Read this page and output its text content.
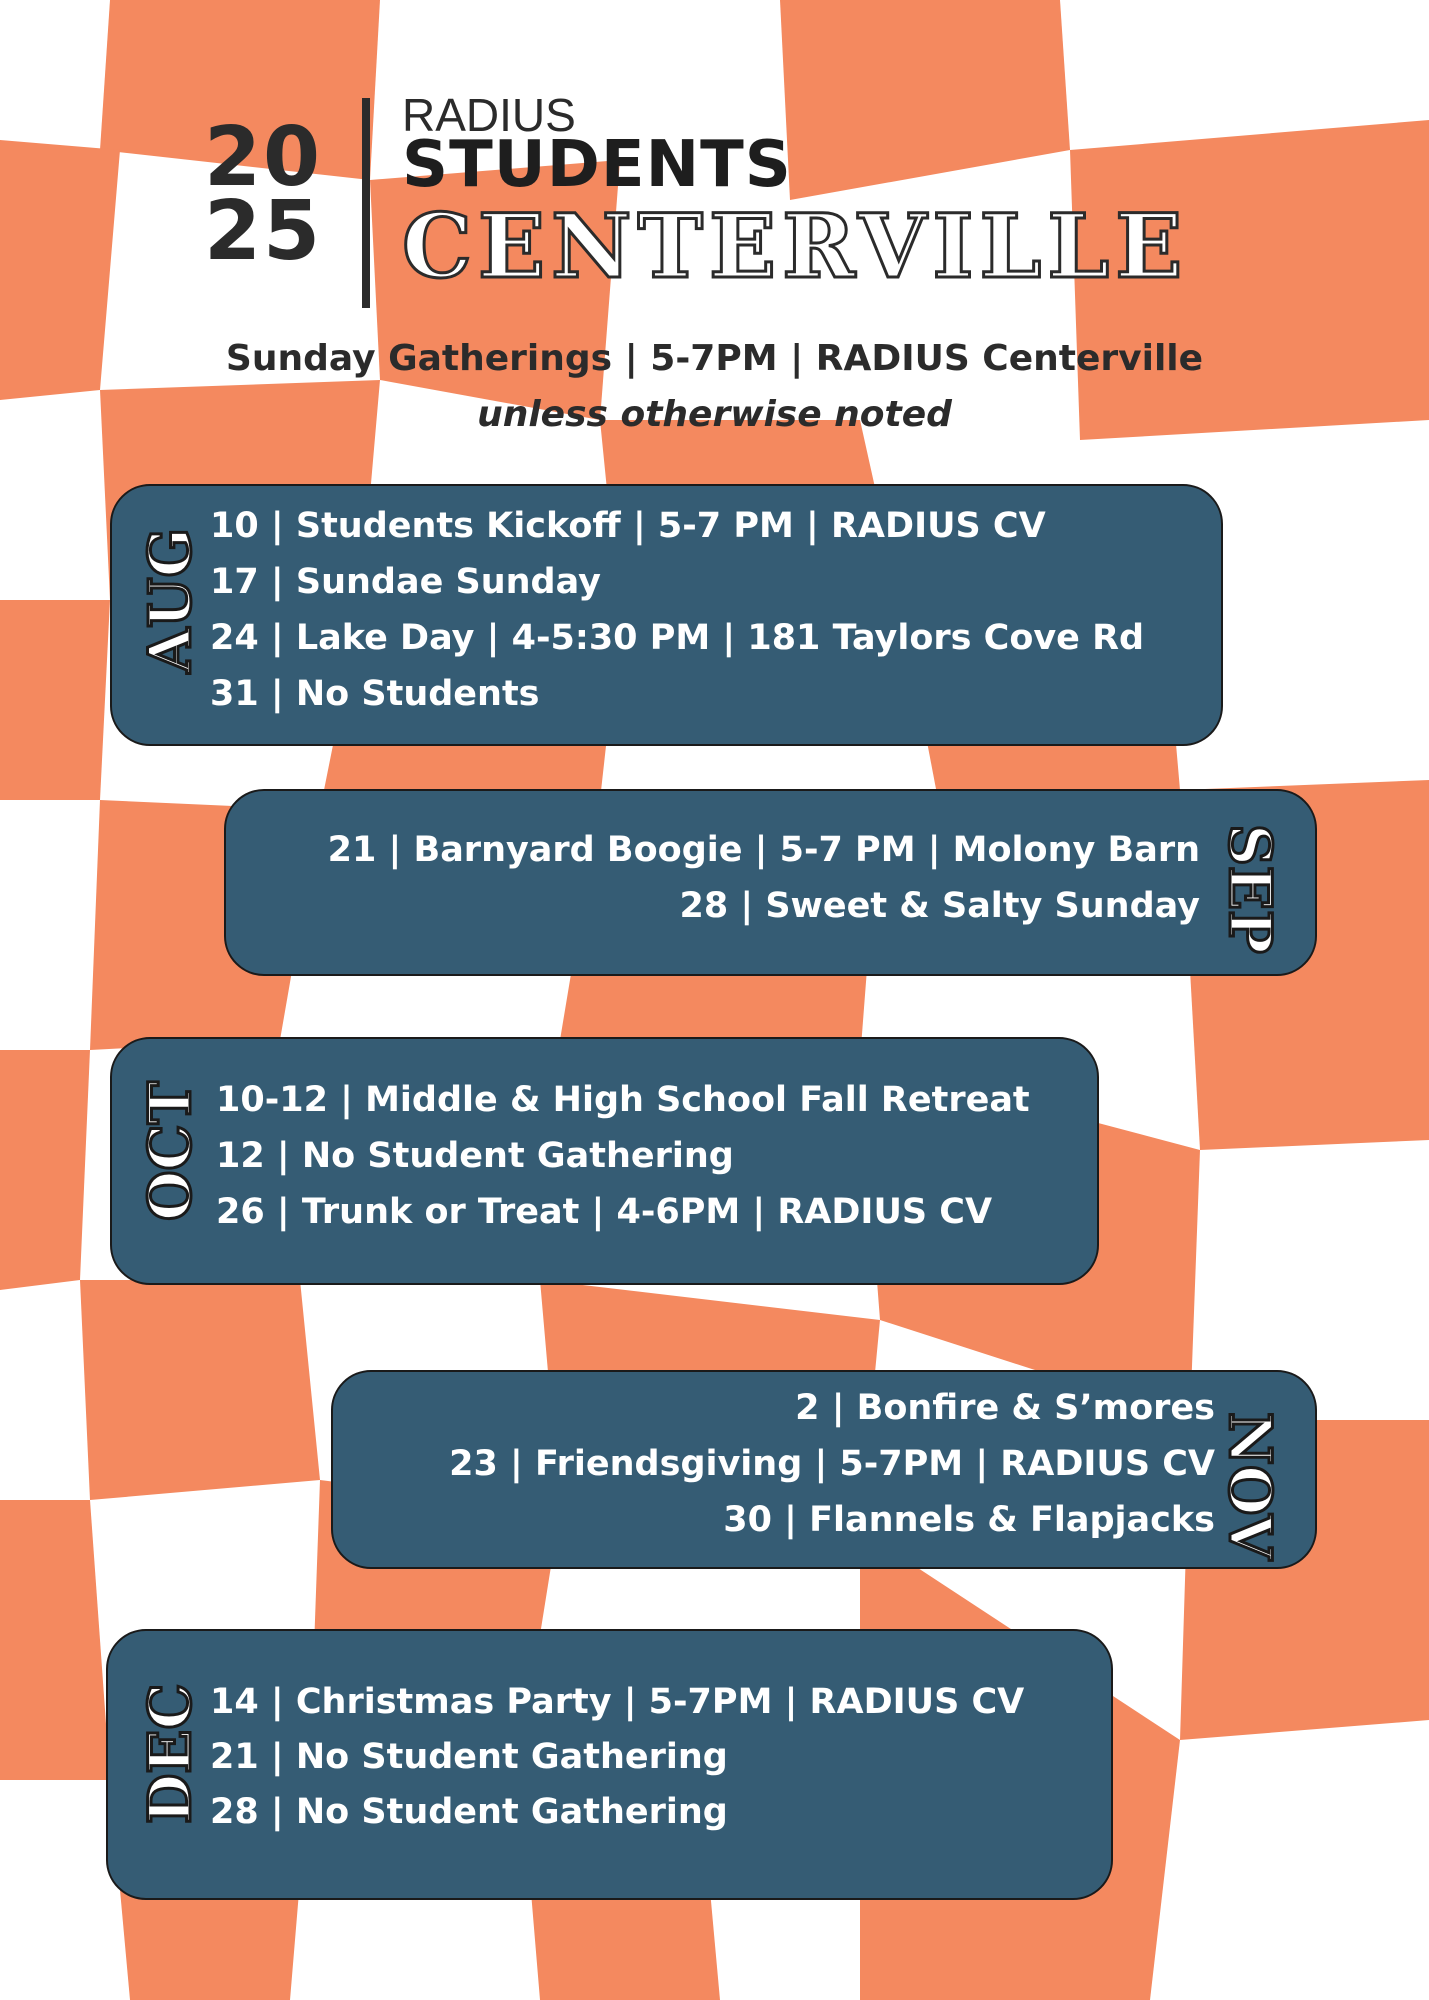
20
25
RADIUS
STUDENTS
CENTERVILLE
Sunday Gatherings | 5-7PM | RADIUS Centerville
unless otherwise noted
AUG
10 | Students Kickoff | 5-7 PM | RADIUS CV
17 | Sundae Sunday
24 | Lake Day | 4-5:30 PM | 181 Taylors Cove Rd
31 | No Students
SEP
21 | Barnyard Boogie | 5-7 PM | Molony Barn
28 | Sweet & Salty Sunday
OCT 10-12 | Middle & High School Fall Retreat
12 | No Student Gathering
26 | Trunk or Treat | 4-6PM | RADIUS CV
NOV
2 | Bonfire & S’mores
23 | Friendsgiving | 5-7PM | RADIUS CV
30 | Flannels & Flapjacks
DEC 14 | Christmas Party | 5-7PM | RADIUS CV
21 | No Student Gathering
28 | No Student Gathering
